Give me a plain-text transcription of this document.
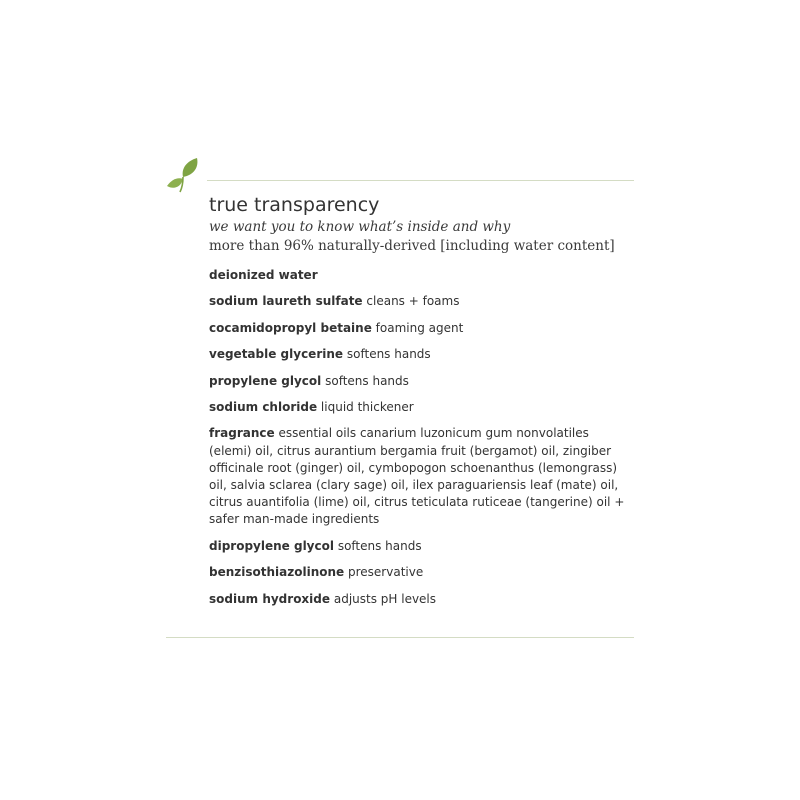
true transparency

we want you to know what’s inside and why

more than 96% naturally-derived [including water content]

deionized water
sodium laureth sulfate cleans + foams
cocamidopropyl betaine foaming agent
vegetable glycerine softens hands
propylene glycol softens hands
sodium chloride liquid thickener
fragrance essential oils canarium luzonicum gum nonvolatiles (elemi) oil, citrus aurantium bergamia fruit (bergamot) oil, zingiber officinale root (ginger) oil, cymbopogon schoenanthus (lemongrass) oil, salvia sclarea (clary sage) oil, ilex paraguariensis leaf (mate) oil, citrus auantifolia (lime) oil, citrus teticulata ruticeae (tangerine) oil + safer man-made ingredients
dipropylene glycol softens hands
benzisothiazolinone preservative
sodium hydroxide adjusts pH levels
